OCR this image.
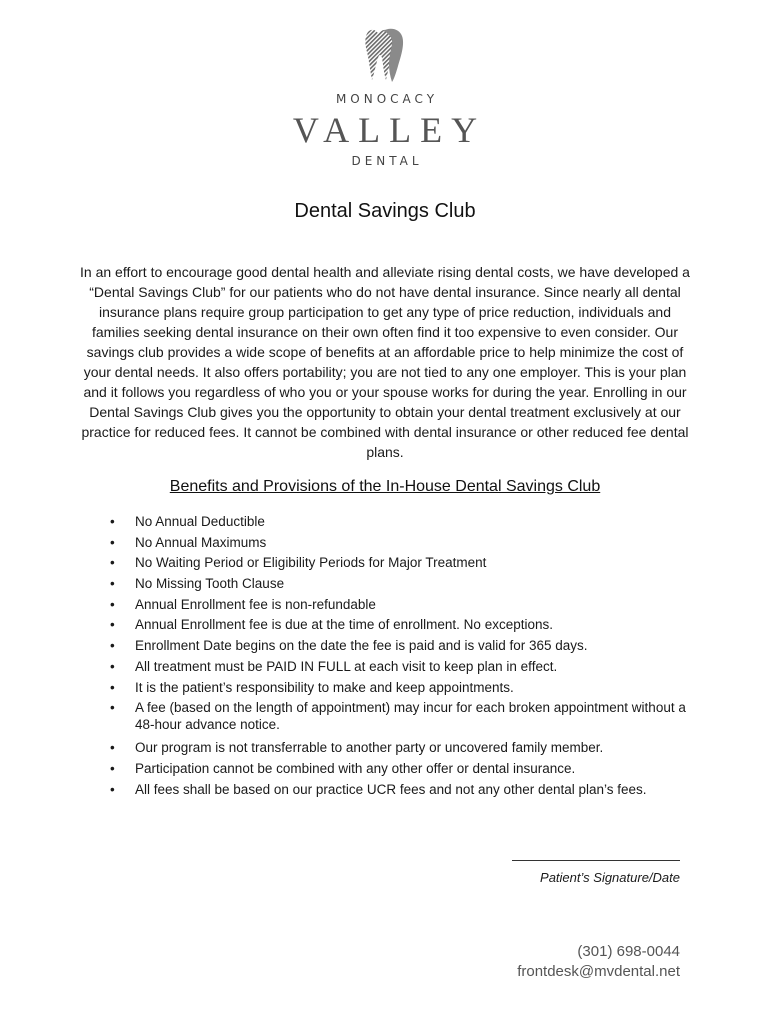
MONOCACY
VALLEY
DENTAL
Dental Savings Club
In an effort to encourage good dental health and alleviate rising dental costs, we have developed a “Dental Savings Club” for our patients who do not have dental insurance. Since nearly all dental insurance plans require group participation to get any type of price reduction, individuals and families seeking dental insurance on their own often find it too expensive to even consider. Our savings club provides a wide scope of benefits at an affordable price to help minimize the cost of your dental needs. It also offers portability; you are not tied to any one employer. This is your plan and it follows you regardless of who you or your spouse works for during the year. Enrolling in our Dental Savings Club gives you the opportunity to obtain your dental treatment exclusively at our practice for reduced fees. It cannot be combined with dental insurance or other reduced fee dental plans.
Benefits and Provisions of the In-House Dental Savings Club
• No Annual Deductible
• No Annual Maximums
• No Waiting Period or Eligibility Periods for Major Treatment
• No Missing Tooth Clause
• Annual Enrollment fee is non-refundable
• Annual Enrollment fee is due at the time of enrollment. No exceptions.
• Enrollment Date begins on the date the fee is paid and is valid for 365 days.
• All treatment must be PAID IN FULL at each visit to keep plan in effect.
• It is the patient’s responsibility to make and keep appointments.
• A fee (based on the length of appointment) may incur for each broken appointment without a 48-hour advance notice.
• Our program is not transferrable to another party or uncovered family member.
• Participation cannot be combined with any other offer or dental insurance.
• All fees shall be based on our practice UCR fees and not any other dental plan’s fees.
Patient’s Signature/Date
(301) 698-0044
frontdesk@mvdental.net
